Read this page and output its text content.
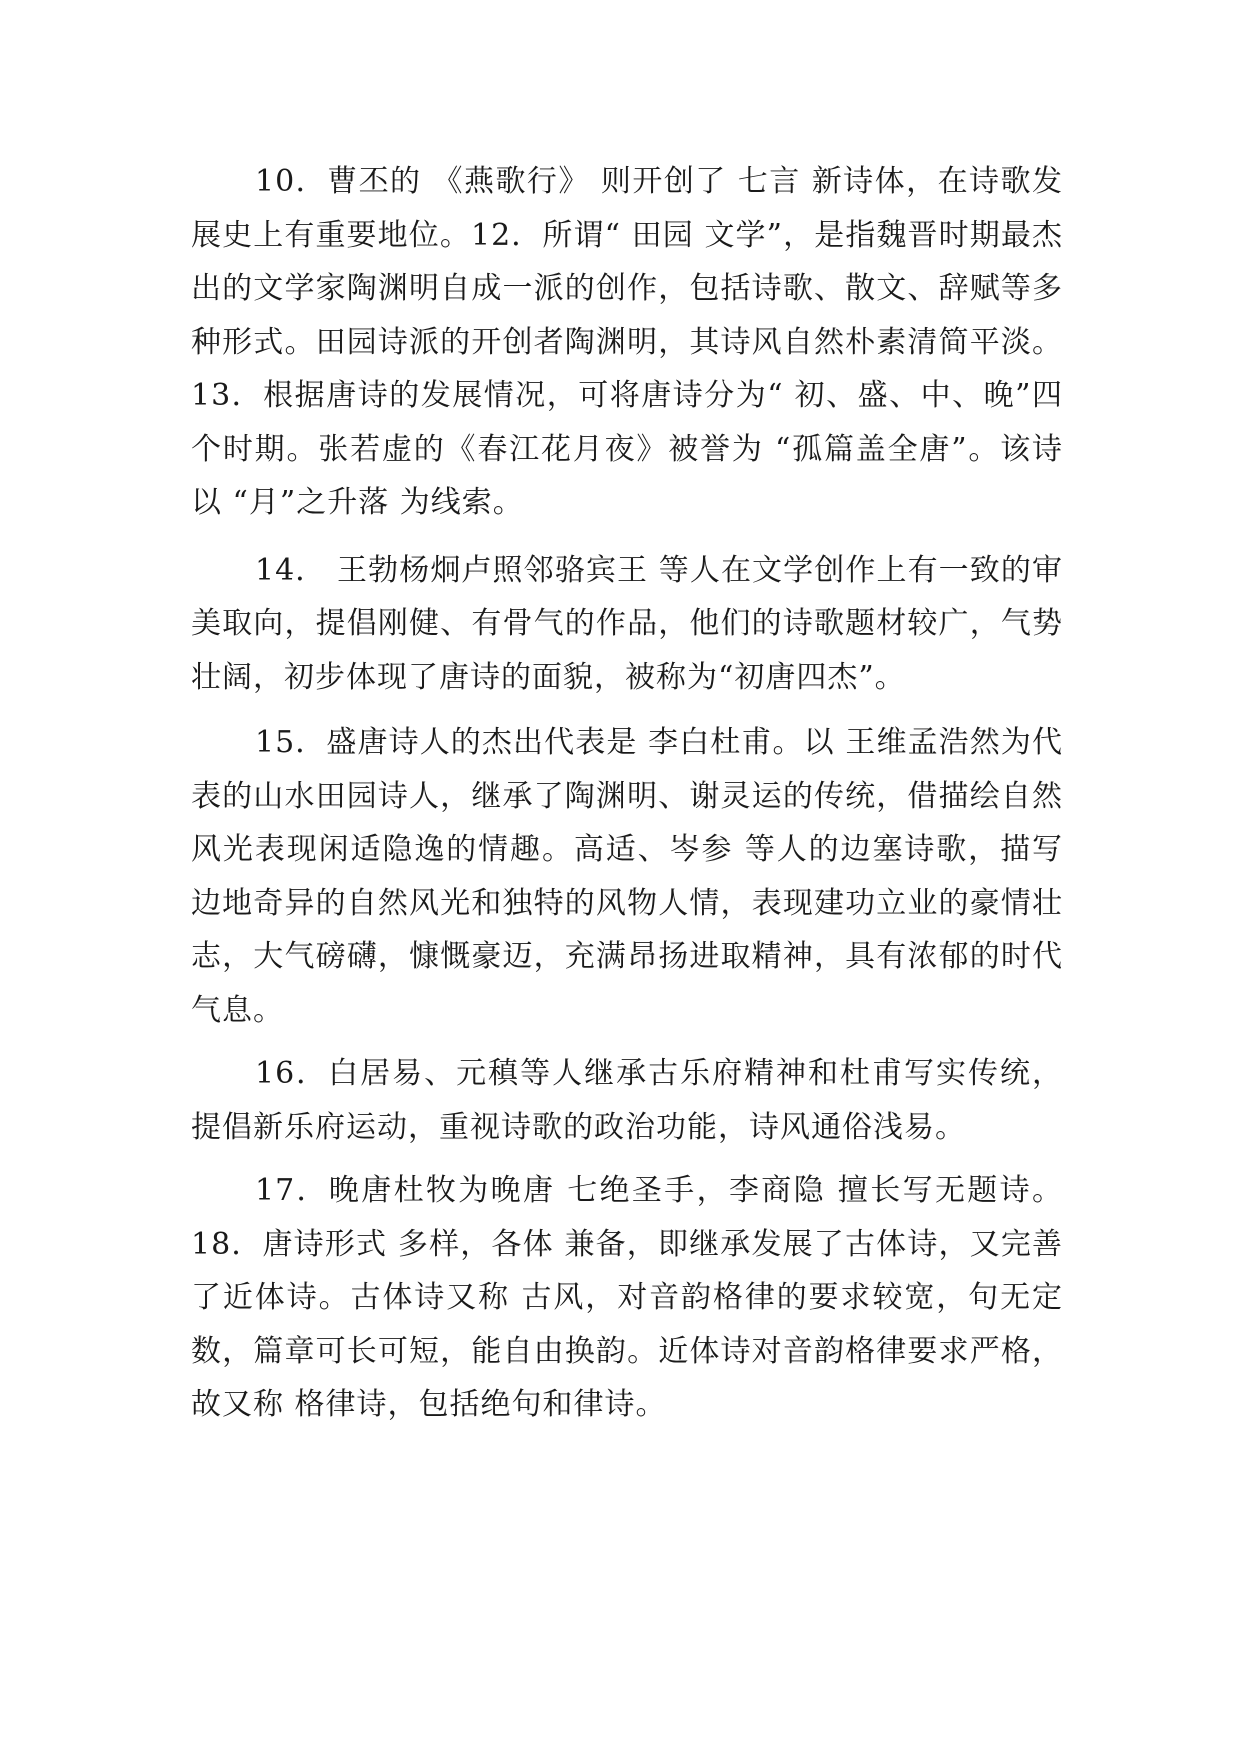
10．曹丕的 《燕歌行》 则开创了 七言 新诗体，在诗歌发展史上有重要地位。12．所谓“ 田园 文学”，是指魏晋时期最杰出的文学家陶渊明自成一派的创作，包括诗歌、散文、辞赋等多种形式。田园诗派的开创者陶渊明，其诗风自然朴素清简平淡。13．根据唐诗的发展情况，可将唐诗分为“ 初、盛、中、晚”四个时期。张若虚的《春江花月夜》被誉为 “孤篇盖全唐”。该诗以 “月”之升落 为线索。

14． 王勃杨炯卢照邻骆宾王 等人在文学创作上有一致的审美取向，提倡刚健、有骨气的作品，他们的诗歌题材较广，气势壮阔，初步体现了唐诗的面貌，被称为“初唐四杰”。

15．盛唐诗人的杰出代表是 李白杜甫。以 王维孟浩然为代表的山水田园诗人，继承了陶渊明、谢灵运的传统，借描绘自然风光表现闲适隐逸的情趣。高适、岑参 等人的边塞诗歌，描写边地奇异的自然风光和独特的风物人情，表现建功立业的豪情壮志，大气磅礴，慷慨豪迈，充满昂扬进取精神，具有浓郁的时代气息。

16．白居易、元稹等人继承古乐府精神和杜甫写实传统，提倡新乐府运动，重视诗歌的政治功能，诗风通俗浅易。

17．晚唐杜牧为晚唐 七绝圣手，李商隐 擅长写无题诗。18．唐诗形式 多样，各体 兼备，即继承发展了古体诗，又完善了近体诗。古体诗又称 古风，对音韵格律的要求较宽，句无定数，篇章可长可短，能自由换韵。近体诗对音韵格律要求严格，故又称 格律诗，包括绝句和律诗。
